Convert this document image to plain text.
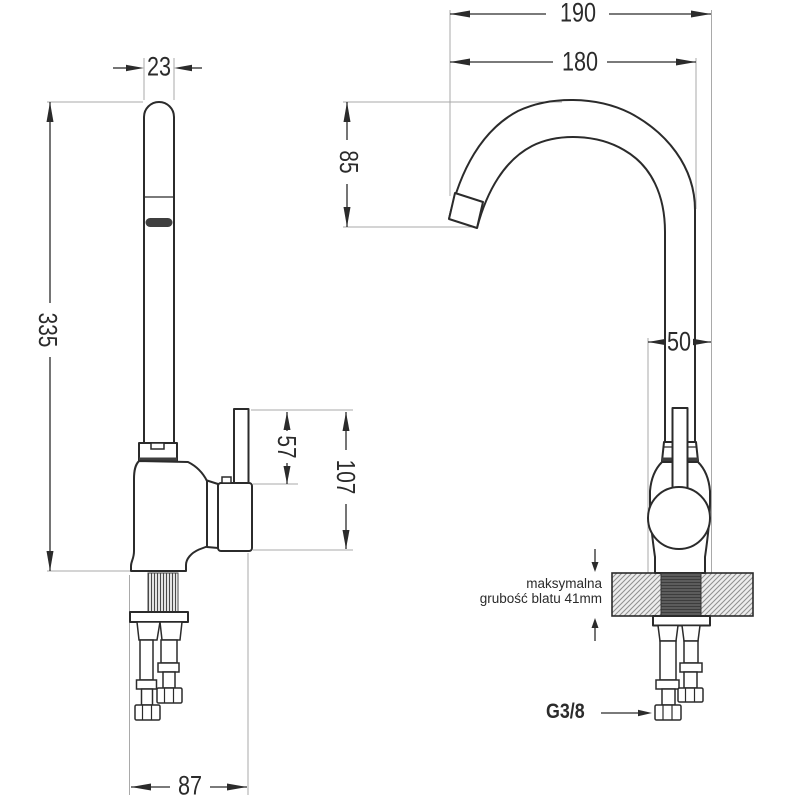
190
180
85
23
335	50
57
107
87
maksymalna
grubość blatu 41mm
G3/8
